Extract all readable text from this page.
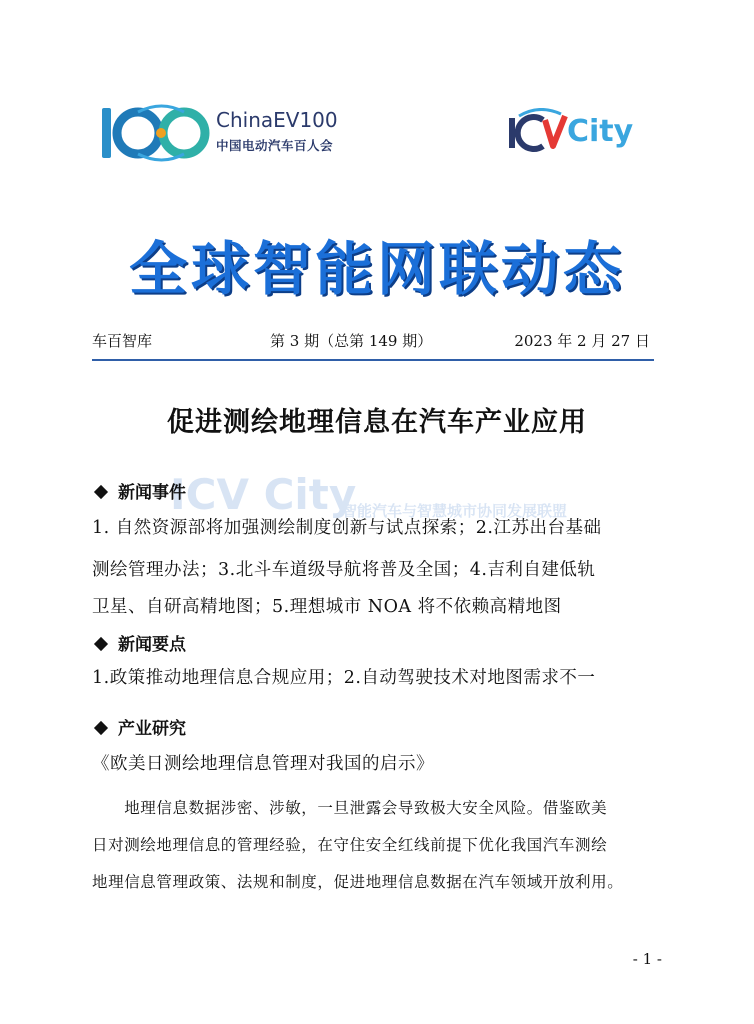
ChinaEV100
中国电动汽车百人会	City
全球智能网联动态
车百智库	第 3 期（总第 149 期）	2023 年 2 月 27 日
促进测绘地理信息在汽车产业应用
ICV City
智能汽车与智慧城市协同发展联盟
新闻事件
1. 自然资源部将加强测绘制度创新与试点探索；2.江苏出台基础
测绘管理办法；3.北斗车道级导航将普及全国；4.吉利自建低轨
卫星、自研高精地图；5.理想城市 NOA 将不依赖高精地图
新闻要点
1.政策推动地理信息合规应用；2.自动驾驶技术对地图需求不一
产业研究
《欧美日测绘地理信息管理对我国的启示》
　　地理信息数据涉密、涉敏，一旦泄露会导致极大安全风险。借鉴欧美
日对测绘地理信息的管理经验，在守住安全红线前提下优化我国汽车测绘
地理信息管理政策、法规和制度，促进地理信息数据在汽车领域开放利用。
- 1 -
